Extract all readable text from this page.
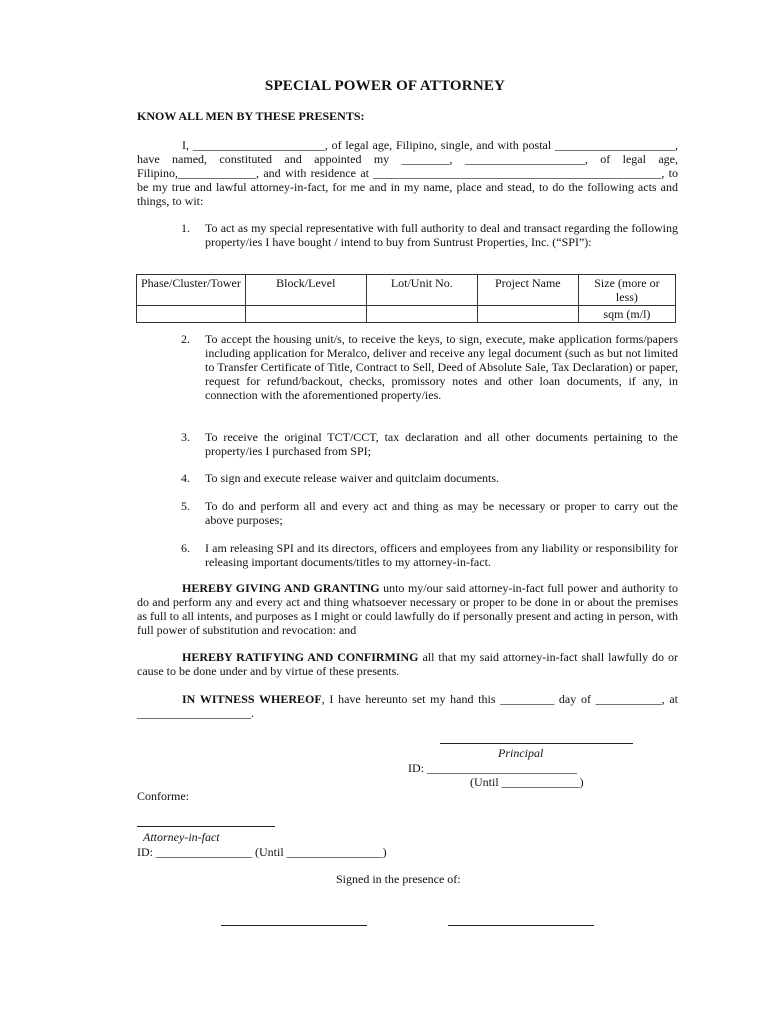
SPECIAL POWER OF ATTORNEY
KNOW ALL MEN BY THESE PRESENTS:
I, ______________________, of legal age, Filipino, single, and with postal ____________________, have named, constituted and appointed my ________, ____________________, of legal age, Filipino,_____________, and with residence at ________________________________________________, to be my true and lawful attorney-in-fact, for me and in my name, place and stead, to do the following acts and things, to wit:
1.	To act as my special representative with full authority to deal and transact regarding the following property/ies I have bought / intend to buy from Suntrust Properties, Inc. (“SPI”):
Phase/Cluster/Tower	Block/Level	Lot/Unit No.	Project Name	Size (more or less)
				sqm (m/l)
2.	To accept the housing unit/s, to receive the keys, to sign, execute, make application forms/papers including application for Meralco, deliver and receive any legal document (such as but not limited to Transfer Certificate of Title, Contract to Sell, Deed of Absolute Sale, Tax Declaration) or paper, request for refund/backout, checks, promissory notes and other loan documents, if any, in connection with the aforementioned property/ies.
3.	To receive the original TCT/CCT, tax declaration and all other documents pertaining to the property/ies I purchased from SPI;
4.	To sign and execute release waiver and quitclaim documents.
5.	To do and perform all and every act and thing as may be necessary or proper to carry out the above purposes;
6.	I am releasing SPI and its directors, officers and employees from any liability or responsibility for releasing important documents/titles to my attorney-in-fact.
HEREBY GIVING AND GRANTING unto my/our said attorney-in-fact full power and authority to do and perform any and every act and thing whatsoever necessary or proper to be done in or about the premises as full to all intents, and purposes as I might or could lawfully do if personally present and acting in person, with full power of substitution and revocation: and
HEREBY RATIFYING AND CONFIRMING all that my said attorney-in-fact shall lawfully do or cause to be done under and by virtue of these presents.
IN WITNESS WHEREOF, I have hereunto set my hand this _________ day of ___________, at ___________________.
Principal
ID: _________________________
(Until _____________)
Conforme:
Attorney-in-fact
ID: ________________ (Until ________________)
Signed in the presence of:
